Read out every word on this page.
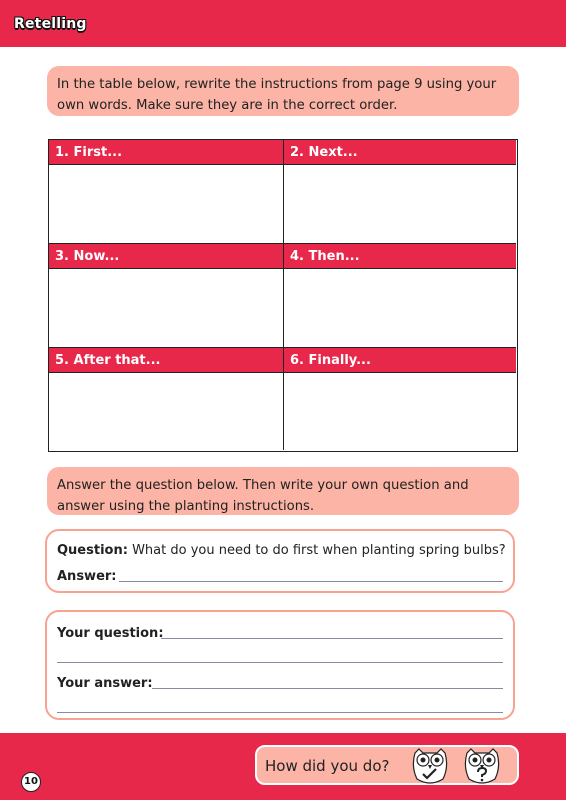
Retelling
In the table below, rewrite the instructions from page 9 using your own words. Make sure they are in the correct order.
1. First...	2. Next...
3. Now...	4. Then...
5. After that...	6. Finally...
Answer the question below. Then write your own question and answer using the planting instructions.
Question: What do you need to do first when planting spring bulbs?
Answer:
Your question:
Your answer:
10
How did you do?
